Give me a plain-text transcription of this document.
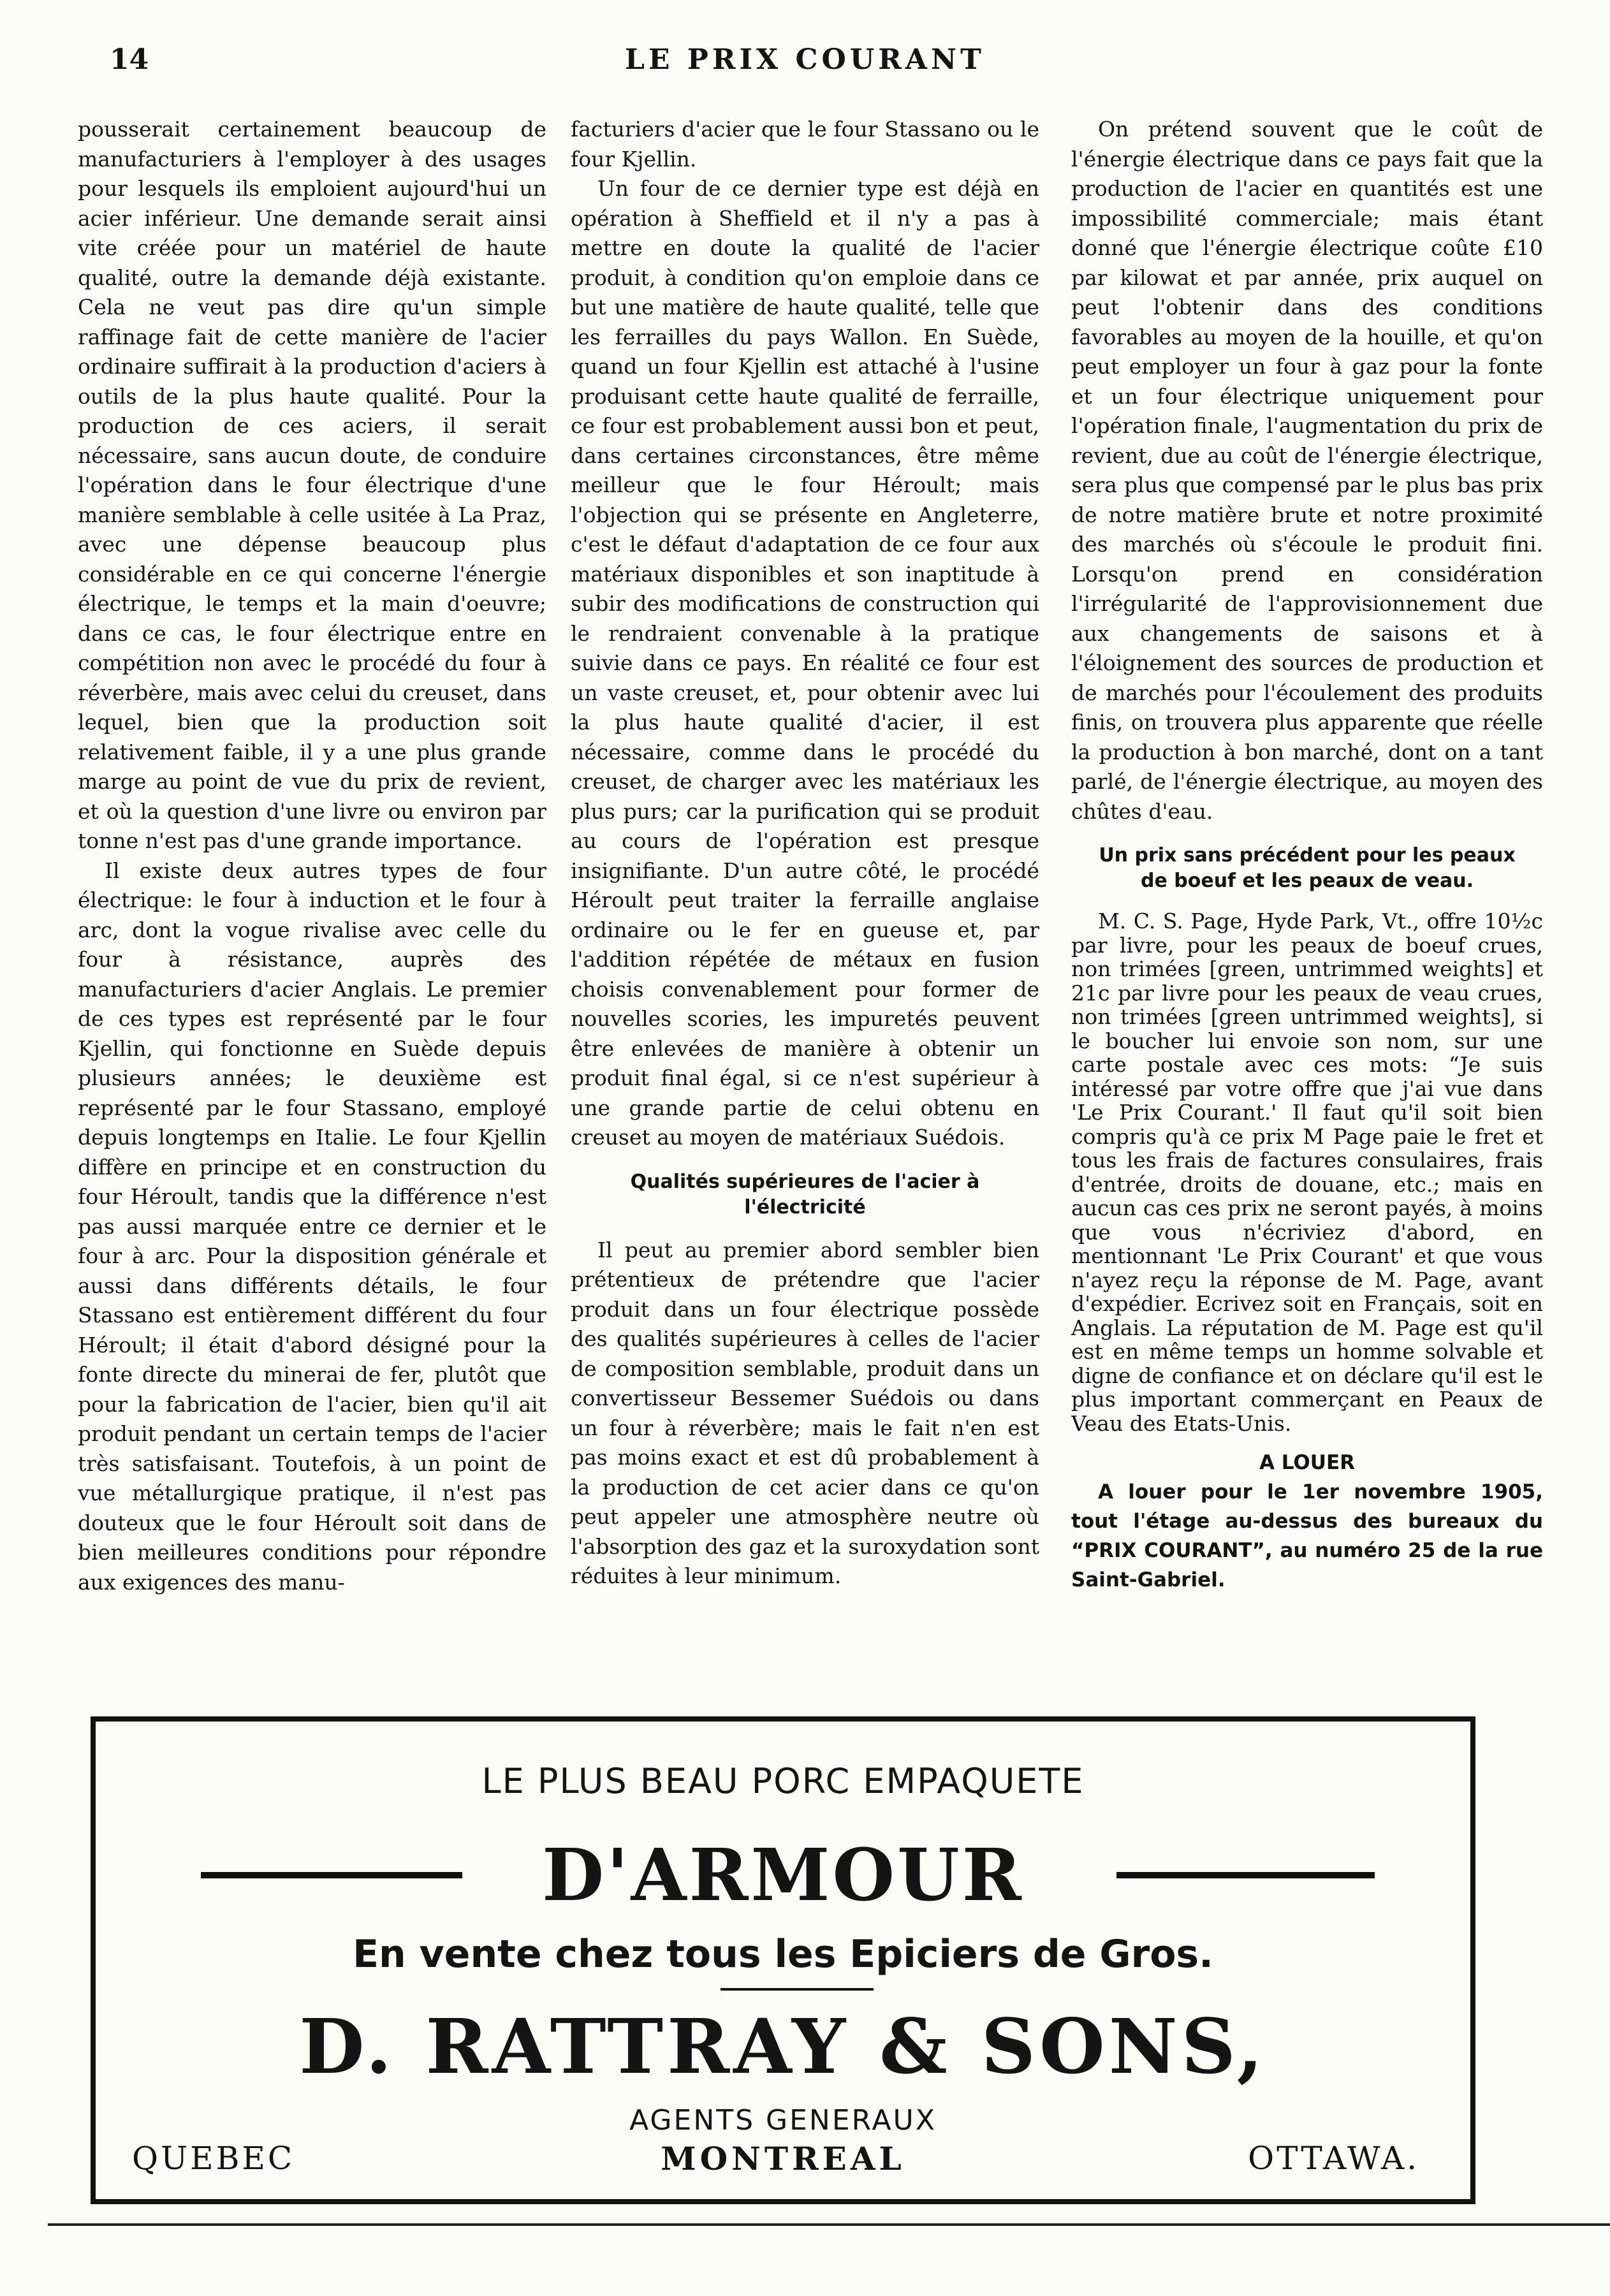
14	LE PRIX COURANT

pousserait certainement beaucoup de manufacturiers à l'employer à des usages pour lesquels ils emploient aujourd'hui un acier inférieur. Une demande serait ainsi vite créée pour un matériel de haute qualité, outre la demande déjà existante. Cela ne veut pas dire qu'un simple raffinage fait de cette manière de l'acier ordinaire suffirait à la production d'aciers à outils de la plus haute qualité. Pour la production de ces aciers, il serait nécessaire, sans aucun doute, de conduire l'opération dans le four électrique d'une manière semblable à celle usitée à La Praz, avec une dépense beaucoup plus considérable en ce qui concerne l'énergie électrique, le temps et la main d'oeuvre; dans ce cas, le four électrique entre en compétition non avec le procédé du four à réverbère, mais avec celui du creuset, dans lequel, bien que la production soit relativement faible, il y a une plus grande marge au point de vue du prix de revient, et où la question d'une livre ou environ par tonne n'est pas d'une grande importance.

Il existe deux autres types de four électrique: le four à induction et le four à arc, dont la vogue rivalise avec celle du four à résistance, auprès des manufacturiers d'acier Anglais. Le premier de ces types est représenté par le four Kjellin, qui fonctionne en Suède depuis plusieurs années; le deuxième est représenté par le four Stassano, employé depuis longtemps en Italie. Le four Kjellin diffère en principe et en construction du four Héroult, tandis que la différence n'est pas aussi marquée entre ce dernier et le four à arc. Pour la disposition générale et aussi dans différents détails, le four Stassano est entièrement différent du four Héroult; il était d'abord désigné pour la fonte directe du minerai de fer, plutôt que pour la fabrication de l'acier, bien qu'il ait produit pendant un certain temps de l'acier très satisfaisant. Toutefois, à un point de vue métallurgique pratique, il n'est pas douteux que le four Héroult soit dans de bien meilleures conditions pour répondre aux exigences des manu-

facturiers d'acier que le four Stassano ou le four Kjellin.

Un four de ce dernier type est déjà en opération à Sheffield et il n'y a pas à mettre en doute la qualité de l'acier produit, à condition qu'on emploie dans ce but une matière de haute qualité, telle que les ferrailles du pays Wallon. En Suède, quand un four Kjellin est attaché à l'usine produisant cette haute qualité de ferraille, ce four est probablement aussi bon et peut, dans certaines circonstances, être même meilleur que le four Héroult; mais l'objection qui se présente en Angleterre, c'est le défaut d'adaptation de ce four aux matériaux disponibles et son inaptitude à subir des modifications de construction qui le rendraient convenable à la pratique suivie dans ce pays. En réalité ce four est un vaste creuset, et, pour obtenir avec lui la plus haute qualité d'acier, il est nécessaire, comme dans le procédé du creuset, de charger avec les matériaux les plus purs; car la purification qui se produit au cours de l'opération est presque insignifiante. D'un autre côté, le procédé Héroult peut traiter la ferraille anglaise ordinaire ou le fer en gueuse et, par l'addition répétée de métaux en fusion choisis convenablement pour former de nouvelles scories, les impuretés peuvent être enlevées de manière à obtenir un produit final égal, si ce n'est supérieur à une grande partie de celui obtenu en creuset au moyen de matériaux Suédois.

Qualités supérieures de l'acier à l'électricité

Il peut au premier abord sembler bien prétentieux de prétendre que l'acier produit dans un four électrique possède des qualités supérieures à celles de l'acier de composition semblable, produit dans un convertisseur Bessemer Suédois ou dans un four à réverbère; mais le fait n'en est pas moins exact et est dû probablement à la production de cet acier dans ce qu'on peut appeler une atmosphère neutre où l'absorption des gaz et la suroxydation sont réduites à leur minimum.

On prétend souvent que le coût de l'énergie électrique dans ce pays fait que la production de l'acier en quantités est une impossibilité commerciale; mais étant donné que l'énergie électrique coûte £10 par kilowat et par année, prix auquel on peut l'obtenir dans des conditions favorables au moyen de la houille, et qu'on peut employer un four à gaz pour la fonte et un four électrique uniquement pour l'opération finale, l'augmentation du prix de revient, due au coût de l'énergie électrique, sera plus que compensé par le plus bas prix de notre matière brute et notre proximité des marchés où s'écoule le produit fini. Lorsqu'on prend en considération l'irrégularité de l'approvisionnement due aux changements de saisons et à l'éloignement des sources de production et de marchés pour l'écoulement des produits finis, on trouvera plus apparente que réelle la production à bon marché, dont on a tant parlé, de l'énergie électrique, au moyen des chûtes d'eau.

Un prix sans précédent pour les peaux de boeuf et les peaux de veau.

M. C. S. Page, Hyde Park, Vt., offre 10½c par livre, pour les peaux de boeuf crues, non trimées [green, untrimmed weights] et 21c par livre pour les peaux de veau crues, non trimées [green untrimmed weights], si le boucher lui envoie son nom, sur une carte postale avec ces mots: “Je suis intéressé par votre offre que j'ai vue dans 'Le Prix Courant.' Il faut qu'il soit bien compris qu'à ce prix M Page paie le fret et tous les frais de factures consulaires, frais d'entrée, droits de douane, etc.; mais en aucun cas ces prix ne seront payés, à moins que vous n'écriviez d'abord, en mentionnant 'Le Prix Courant' et que vous n'ayez reçu la réponse de M. Page, avant d'expédier. Ecrivez soit en Français, soit en Anglais. La réputation de M. Page est qu'il est en même temps un homme solvable et digne de confiance et on déclare qu'il est le plus important commerçant en Peaux de Veau des Etats-Unis.

A LOUER

A louer pour le 1er novembre 1905, tout l'étage au-dessus des bureaux du “PRIX COURANT”, au numéro 25 de la rue Saint-Gabriel.

LE PLUS BEAU PORC EMPAQUETE
D'ARMOUR
En vente chez tous les Epiciers de Gros.
D. RATTRAY & SONS,
AGENTS GENERAUX
QUEBEC	MONTREAL	OTTAWA.
